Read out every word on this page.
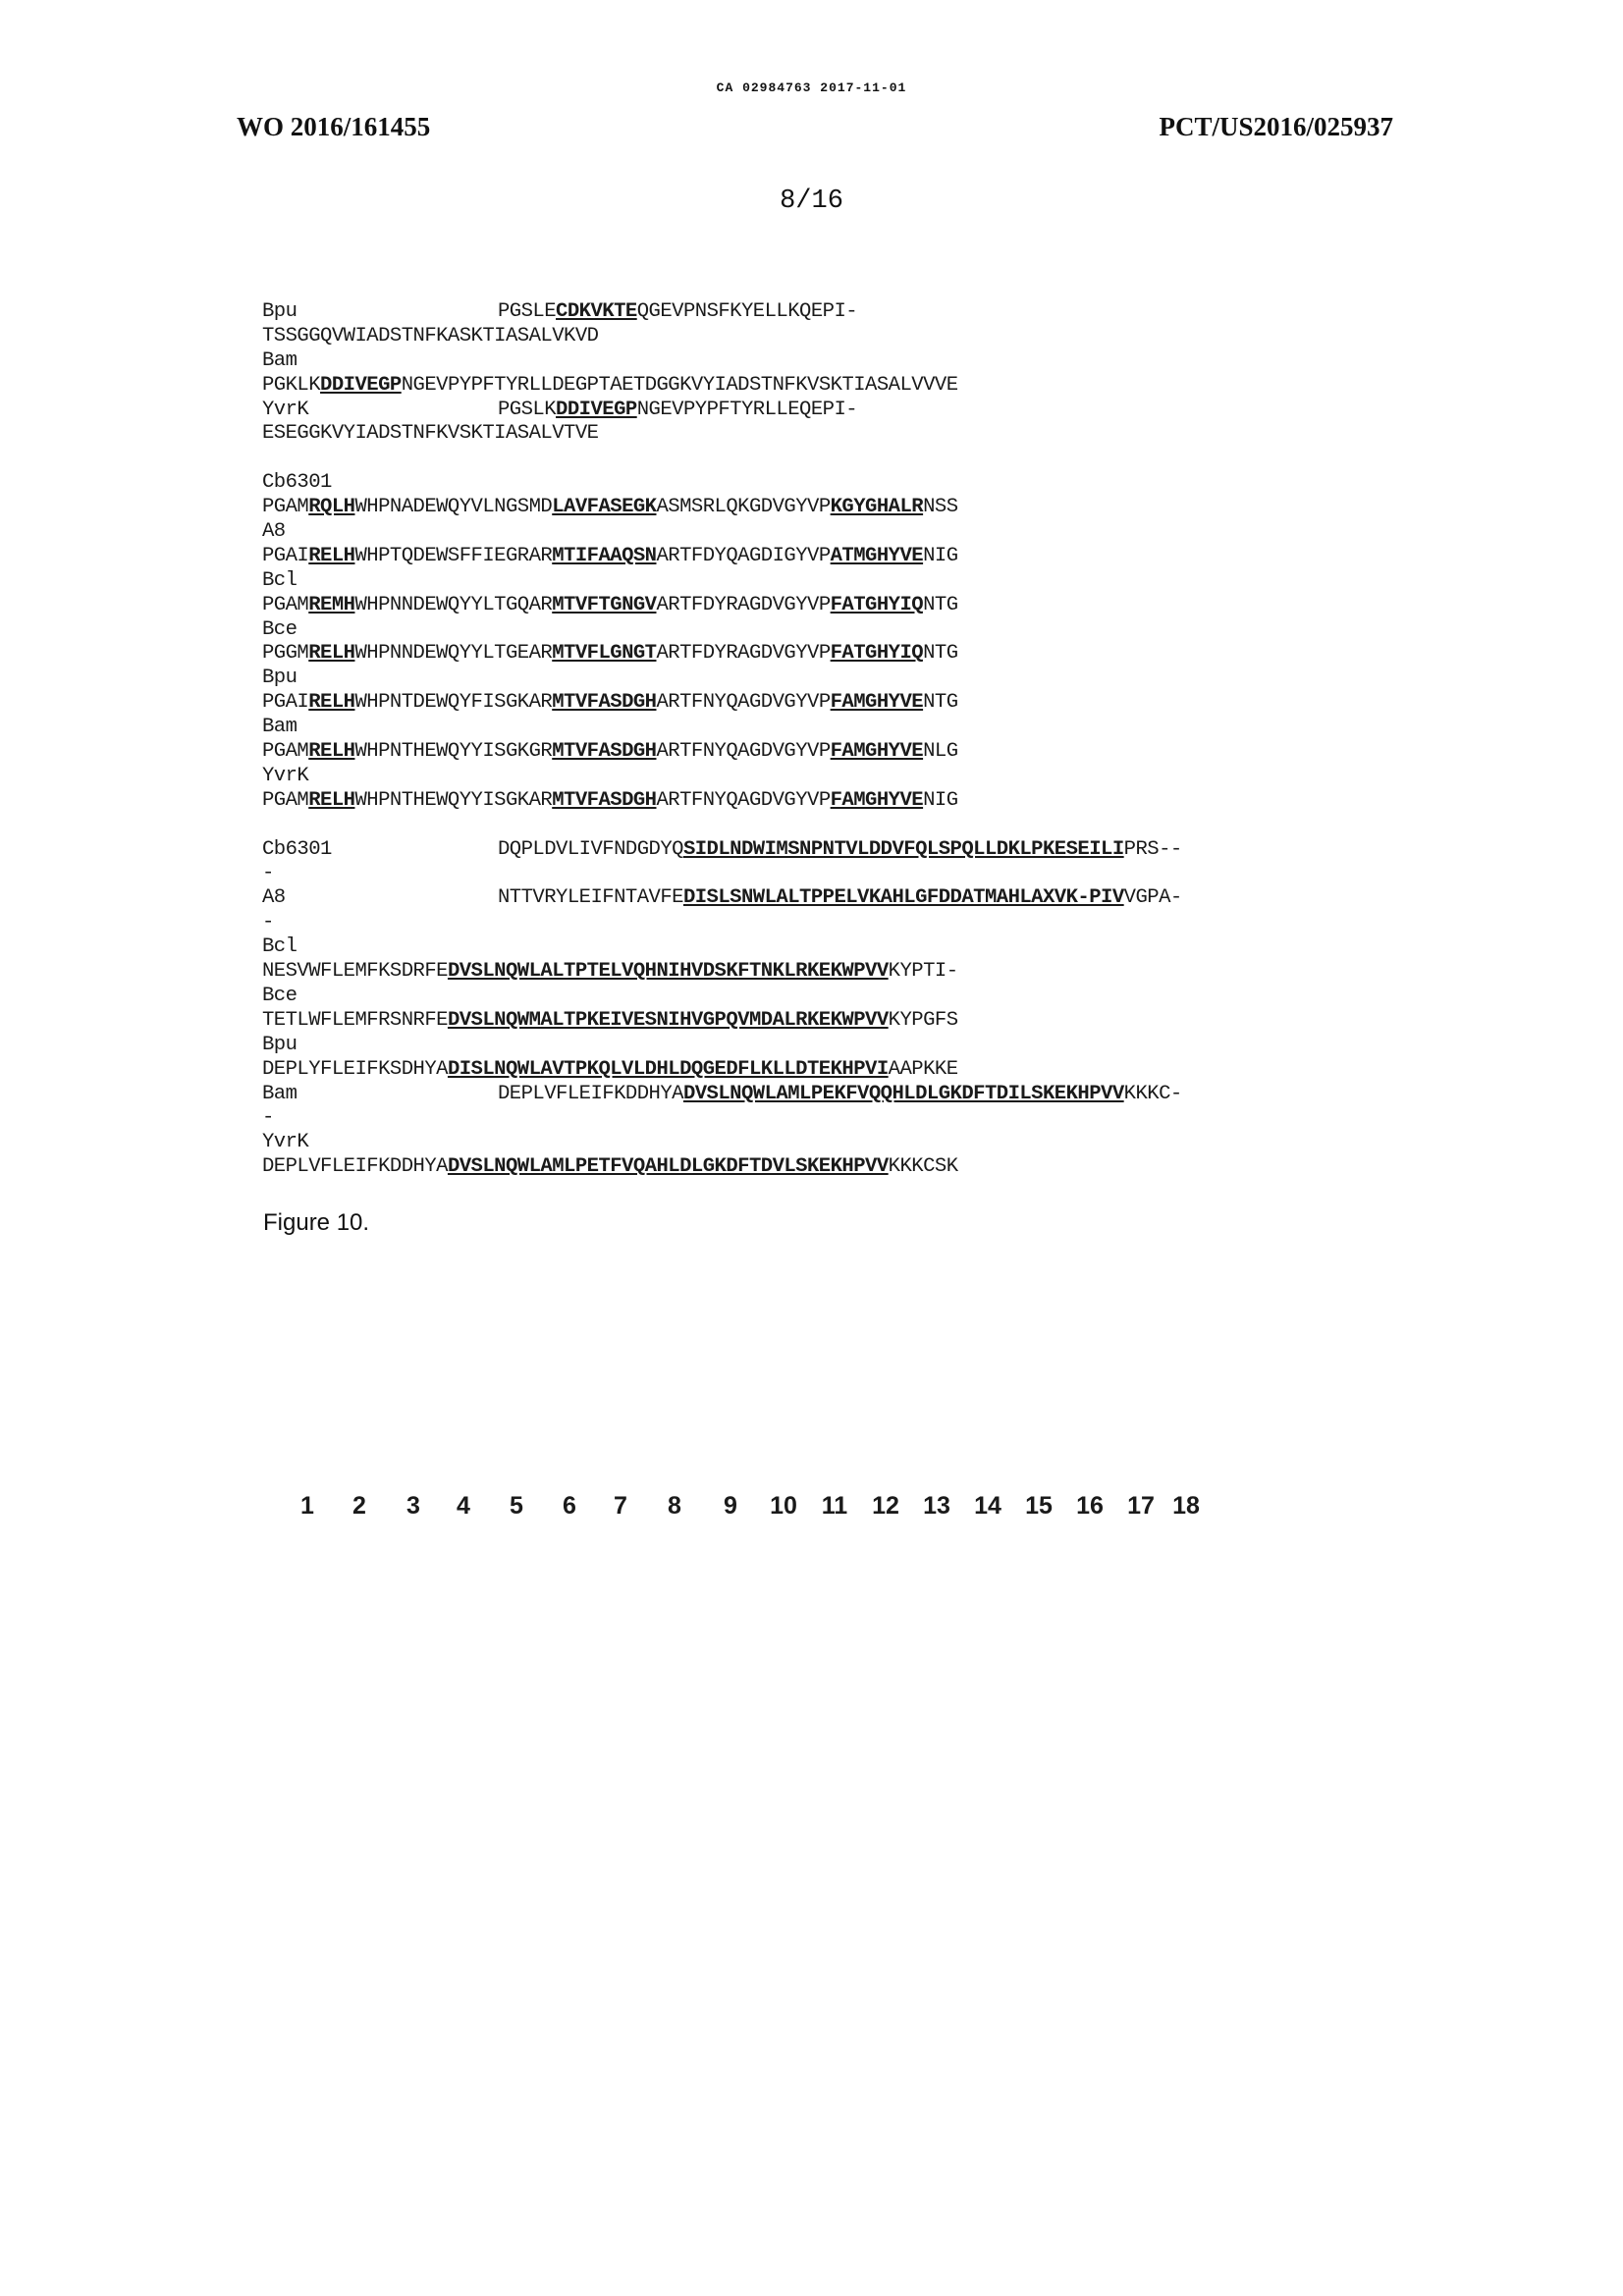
CA 02984763 2017-11-01
WO 2016/161455	PCT/US2016/025937
8/16
Bpu	PGSLECDKVKTEQGEVPNSFKYELLKQEPI-
TSSGGQVWIADSTNFKASKTIASALVKVD
Bam
PGKLKDDIVEGPNGEVPYPFTYRLLDEGPTAETDGGKVYIADSTNFKVSKTIASALVVVE
YvrK	PGSLKDDIVEGPNGEVPYPFTYRLLEQEPI-
ESEGGKVYIADSTNFKVSKTIASALVTVE
Cb6301
PGAMRQLHWHPNADEWQYVLNGSMDLAVFASEGKASMSRLQKGDVGYVPKGYGHALRNSS
A8
PGAIRELHWHPTQDEWSFFIEGRARMTIFAAQSNARTFDYQAGDIGYVPATMGHYVENIG
Bcl
PGAMREMHWHPNNDEWQYYLTGQARMTVFTGNGVARTFDYRAGDVGYVPFATGHYIQNTG
Bce
PGGMRELHWHPNNDEWQYYLTGEARMTVFLGNGTARTFDYRAGDVGYVPFATGHYIQNTG
Bpu
PGAIRELHWHPNTDEWQYFISGKARMTVFASDGHARTFNYQAGDVGYVPFAMGHYVENTG
Bam
PGAMRELHWHPNTHEWQYYISGKGRMTVFASDGHARTFNYQAGDVGYVPFAMGHYVENLG
YvrK
PGAMRELHWHPNTHEWQYYISGKARMTVFASDGHARTFNYQAGDVGYVPFAMGHYVENIG
Cb6301	DQPLDVLIVFNDGDYQSIDLNDWIMSNPNTVLDDVFQLSPQLLDKLPKESEILIPRS--
-
A8	NTTVRYLEIFNTAVFEDISLSNWLALTPPELVKAHLGFDDATMAHLAXVK-PIVVGPA-
-
Bcl
NESVWFLEMFKSDRFEDVSLNQWLALTPTELVQHNIHVDSKFTNKLRKEKWPVVKYPTI-
Bce
TETLWFLEMFRSNRFEDVSLNQWMALTPKEIVESNIHVGPQVMDALRKEKWPVVKYPGFS
Bpu
DEPLYFLEIFKSDHYADISLNQWLAVTPKQLVLDHLDQGEDFLKLLDTEKHPVIAAPKKE
Bam	DEPLVFLEIFKDDHYADVSLNQWLAMLPEKFVQQHLDLGKDFTDILSKEKHPVVKKKC-
-
YvrK
DEPLVFLEIFKDDHYADVSLNQWLAMLPETFVQAHLDLGKDFTDVLSKEKHPVVKKKCSK
Figure 10.
1	2	3	4	5	6	7	8	9	10 11 12 13 14 15 16 17 18
